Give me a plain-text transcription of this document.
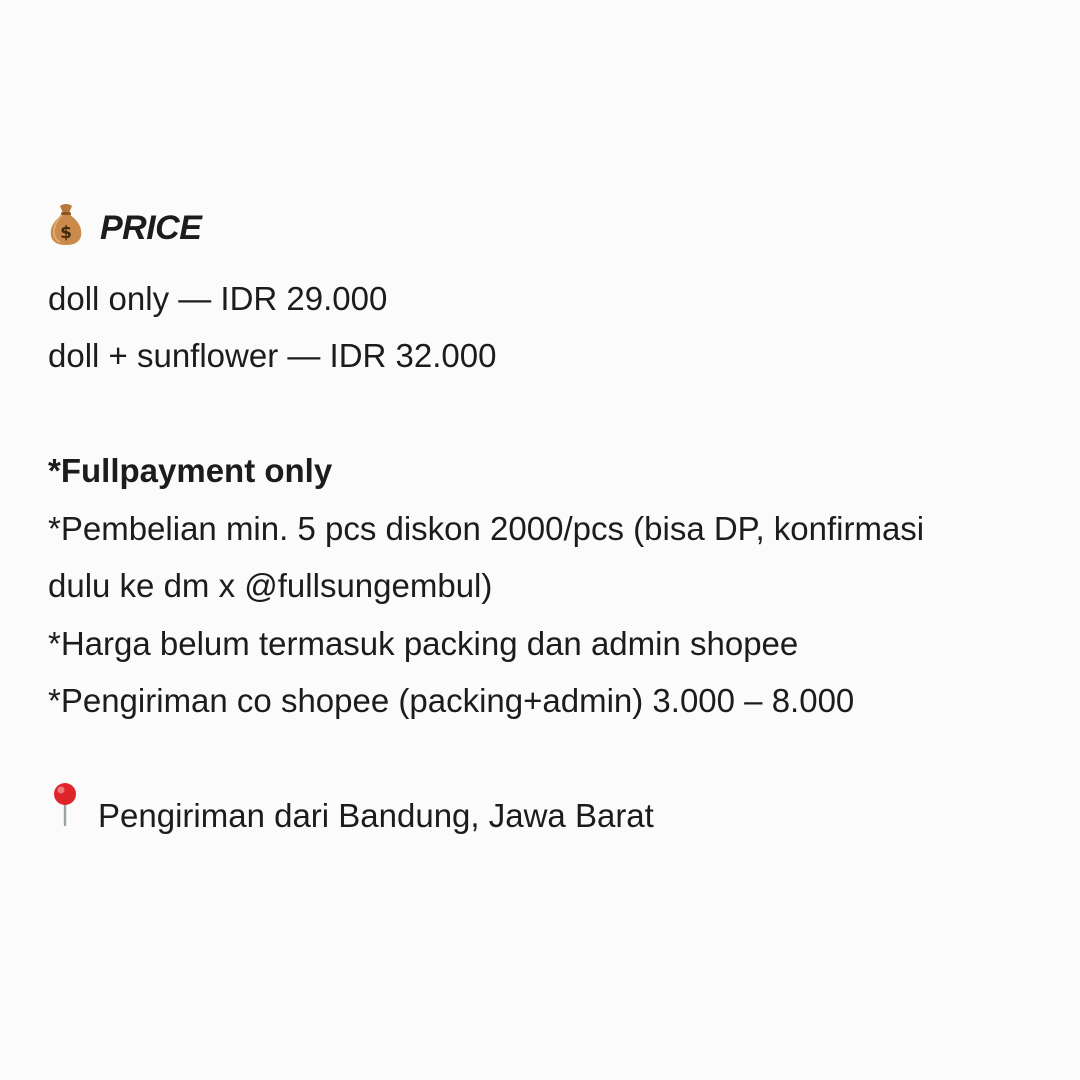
$ PRICE
doll only — IDR 29.000
doll + sunflower — IDR 32.000
*Fullpayment only
*Pembelian min. 5 pcs diskon 2000/pcs (bisa DP, konfirmasi
dulu ke dm x @fullsungembul)
*Harga belum termasuk packing dan admin shopee
*Pengiriman co shopee (packing+admin) 3.000 – 8.000
Pengiriman dari Bandung, Jawa Barat
